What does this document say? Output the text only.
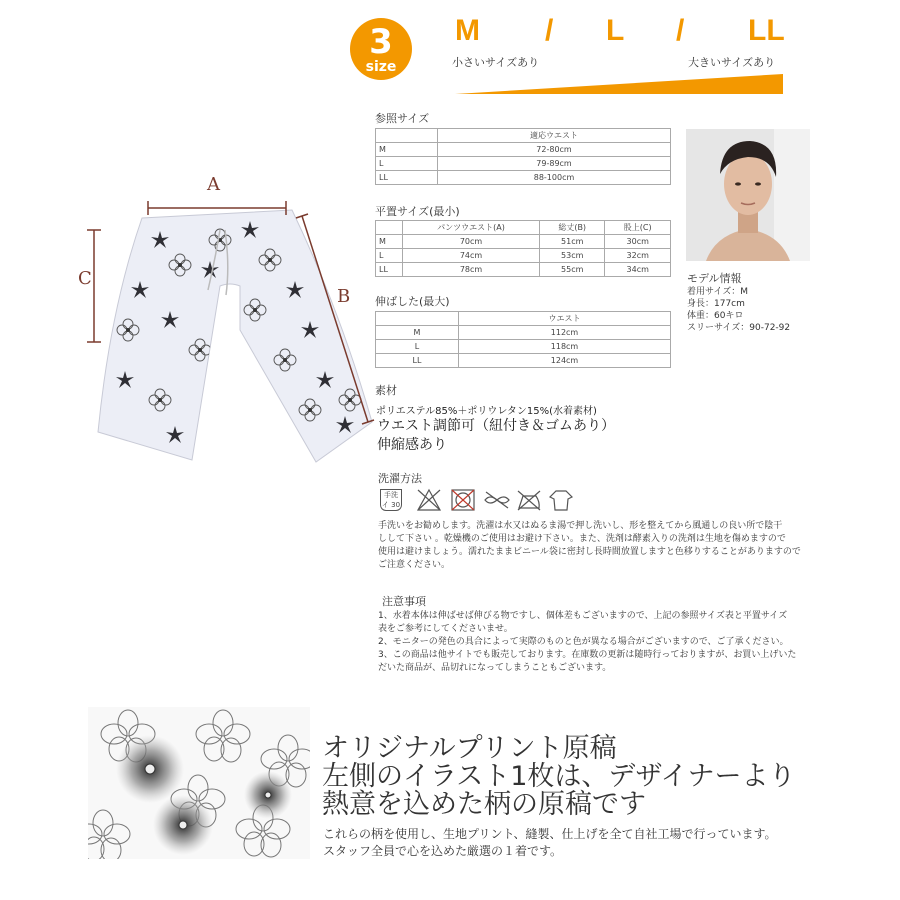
3
size
M / L / LL
小さいサイズあり	大きいサイズあり
A
C
B
参照サイズ
	適応ウエスト
M	72-80cm
L	79-89cm
LL	88-100cm
平置サイズ(最小)
	パンツウエスト(A)	総丈(B)	股上(C)
M	70cm	51cm	30cm
L	74cm	53cm	32cm
LL	78cm	55cm	34cm
伸ばした(最大)
	ウエスト
M	112cm
L	118cm
LL	124cm
モデル情報
着用サイズ：M
身長：177cm
体重：60キロ
スリーサイズ：90-72-92
素材
ポリエステル85%＋ポリウレタン15%(水着素材)
ウエスト調節可（紐付き＆ゴムあり）
伸縮感あり
洗濯方法
手洗イ 30
手洗いをお勧めします。洗濯は水又はぬるま湯で押し洗いし、形を整えてから風通しの良い所で陰干
しして下さい 。乾燥機のご使用はお避け下さい。また、洗剤は酵素入りの洗剤は生地を傷めますので
使用は避けましょう。濡れたままビニール袋に密封し長時間放置しますと色移りすることがありますので
ご注意ください。
注意事項
1、水着本体は伸ばせば伸びる物ですし、個体差もございますので、上記の参照サイズ表と平置サイズ
表をご参考にしてくださいませ。
2、モニターの発色の具合によって実際のものと色が異なる場合がございますので、ご了承ください。
3、この商品は他サイトでも販売しております。在庫数の更新は随時行っておりますが、お買い上げいた
だいた商品が、品切れになってしまうこともございます。
オリジナルプリント原稿
左側のイラスト1枚は、デザイナーより
熱意を込めた柄の原稿です
これらの柄を使用し、生地プリント、縫製、仕上げを全て自社工場で行っています。
スタッフ全員で心を込めた厳選の１着です。
